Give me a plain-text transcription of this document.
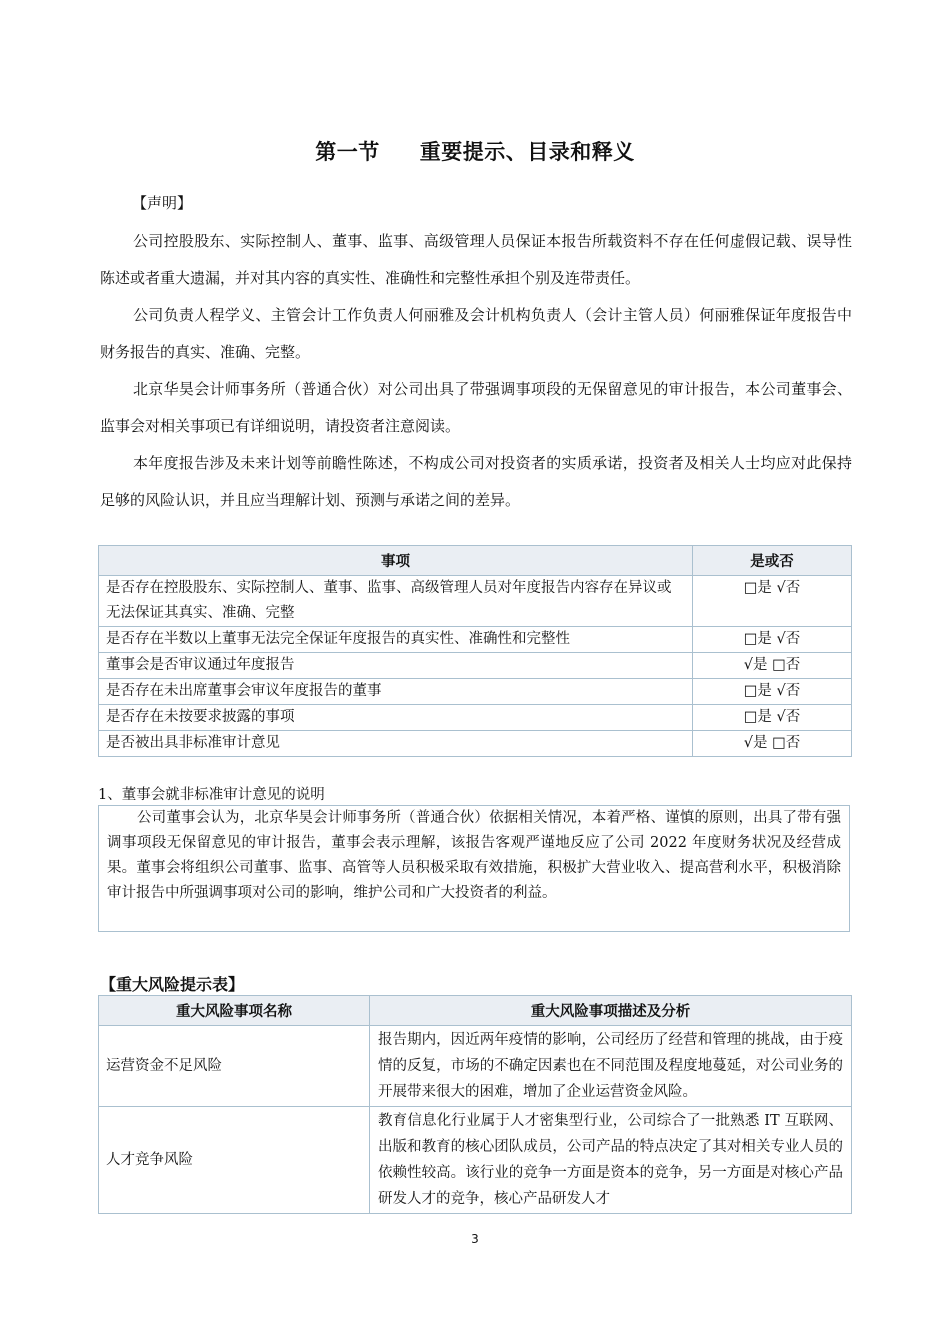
第一节 重要提示、目录和释义
【声明】
公司控股股东、实际控制人、董事、监事、高级管理人员保证本报告所载资料不存在任何虚假记载、误导性陈述或者重大遗漏，并对其内容的真实性、准确性和完整性承担个别及连带责任。
公司负责人程学义、主管会计工作负责人何丽雅及会计机构负责人（会计主管人员）何丽雅保证年度报告中财务报告的真实、准确、完整。
北京华昊会计师事务所（普通合伙）对公司出具了带强调事项段的无保留意见的审计报告，本公司董事会、监事会对相关事项已有详细说明，请投资者注意阅读。
本年度报告涉及未来计划等前瞻性陈述，不构成公司对投资者的实质承诺，投资者及相关人士均应对此保持足够的风险认识，并且应当理解计划、预测与承诺之间的差异。
事项	是或否
是否存在控股股东、实际控制人、董事、监事、高级管理人员对年度报告内容存在异议或无法保证其真实、准确、完整	□是 √否
是否存在半数以上董事无法完全保证年度报告的真实性、准确性和完整性	□是 √否
董事会是否审议通过年度报告	√是 □否
是否存在未出席董事会审议年度报告的董事	□是 √否
是否存在未按要求披露的事项	□是 √否
是否被出具非标准审计意见	√是 □否
1、董事会就非标准审计意见的说明
公司董事会认为，北京华昊会计师事务所（普通合伙）依据相关情况，本着严格、谨慎的原则，出具了带有强调事项段无保留意见的审计报告，董事会表示理解，该报告客观严谨地反应了公司 2022 年度财务状况及经营成果。董事会将组织公司董事、监事、高管等人员积极采取有效措施，积极扩大营业收入、提高营利水平，积极消除审计报告中所强调事项对公司的影响，维护公司和广大投资者的利益。
【重大风险提示表】
重大风险事项名称	重大风险事项描述及分析
运营资金不足风险	报告期内，因近两年疫情的影响，公司经历了经营和管理的挑战，由于疫情的反复，市场的不确定因素也在不同范围及程度地蔓延，对公司业务的开展带来很大的困难，增加了企业运营资金风险。
人才竞争风险	教育信息化行业属于人才密集型行业，公司综合了一批熟悉 IT 互联网、出版和教育的核心团队成员，公司产品的特点决定了其对相关专业人员的依赖性较高。该行业的竞争一方面是资本的竞争，另一方面是对核心产品研发人才的竞争，核心产品研发人才
3
